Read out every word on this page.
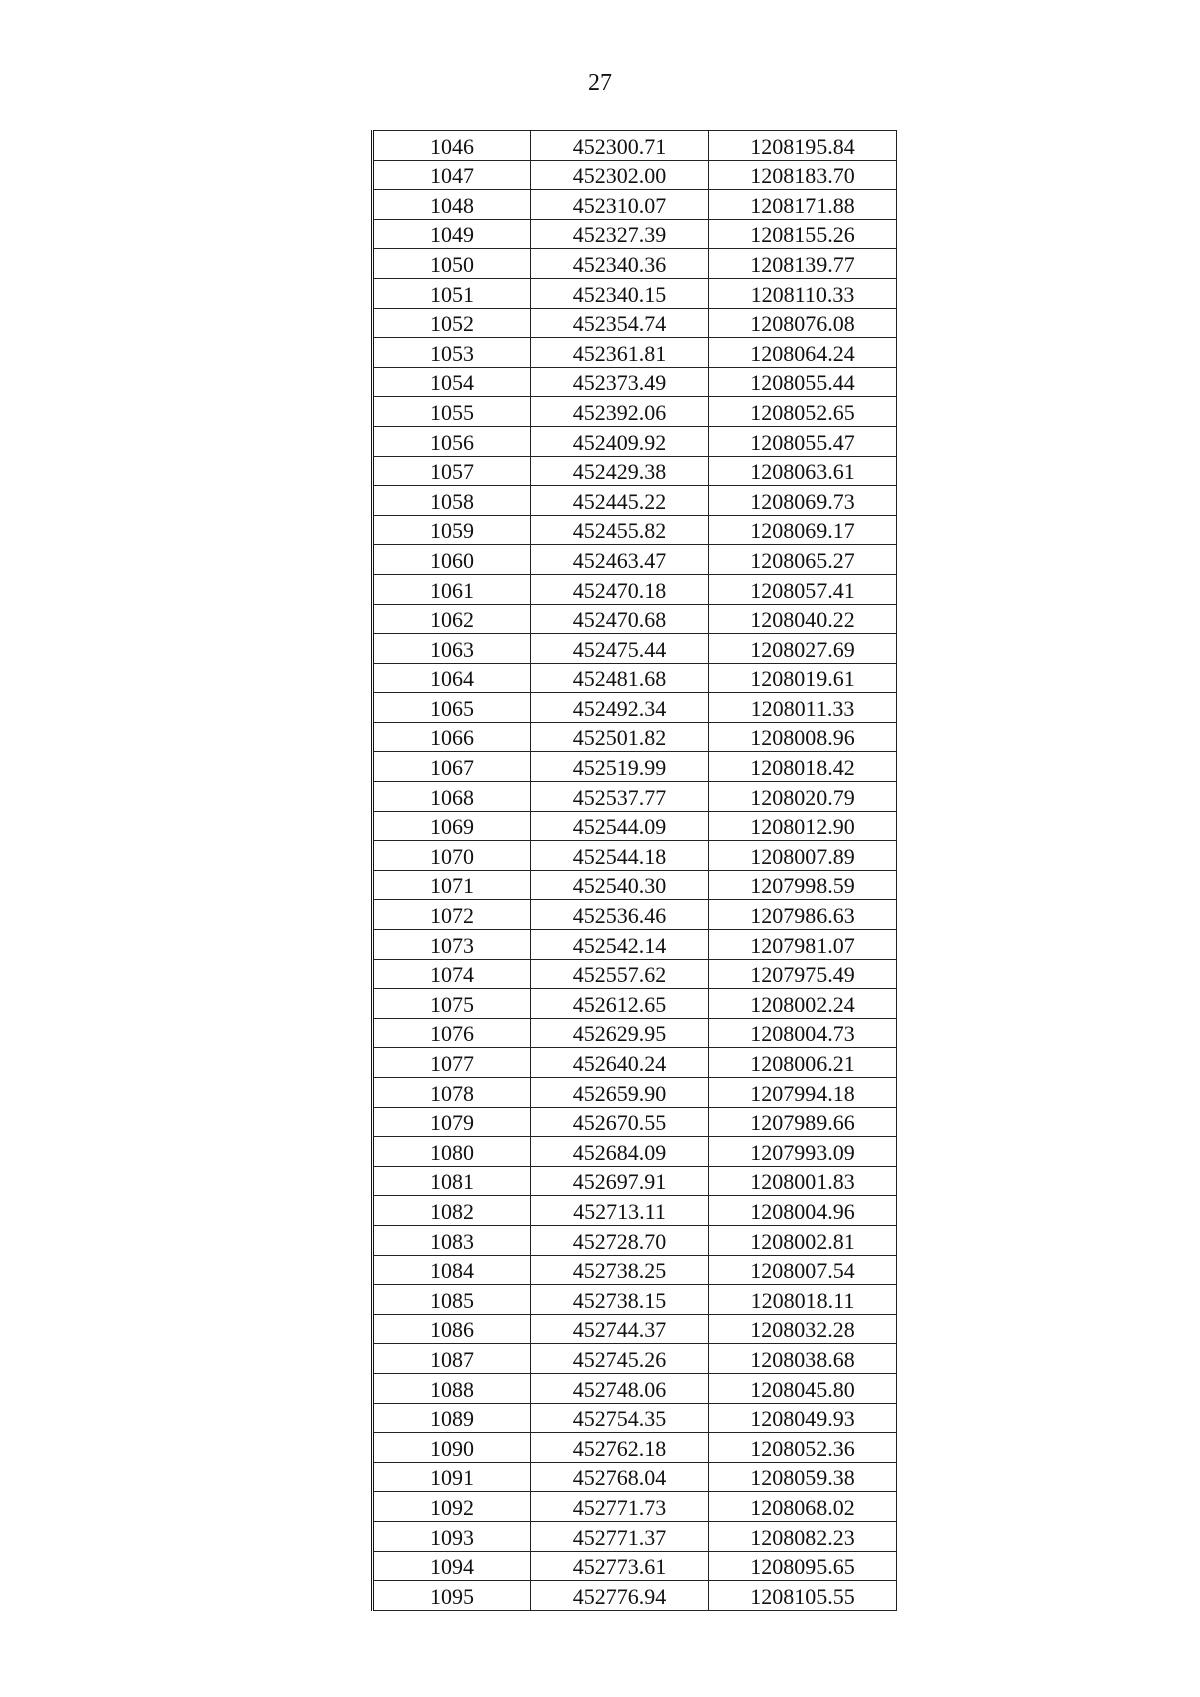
27
1046	452300.71	1208195.84
1047	452302.00	1208183.70
1048	452310.07	1208171.88
1049	452327.39	1208155.26
1050	452340.36	1208139.77
1051	452340.15	1208110.33
1052	452354.74	1208076.08
1053	452361.81	1208064.24
1054	452373.49	1208055.44
1055	452392.06	1208052.65
1056	452409.92	1208055.47
1057	452429.38	1208063.61
1058	452445.22	1208069.73
1059	452455.82	1208069.17
1060	452463.47	1208065.27
1061	452470.18	1208057.41
1062	452470.68	1208040.22
1063	452475.44	1208027.69
1064	452481.68	1208019.61
1065	452492.34	1208011.33
1066	452501.82	1208008.96
1067	452519.99	1208018.42
1068	452537.77	1208020.79
1069	452544.09	1208012.90
1070	452544.18	1208007.89
1071	452540.30	1207998.59
1072	452536.46	1207986.63
1073	452542.14	1207981.07
1074	452557.62	1207975.49
1075	452612.65	1208002.24
1076	452629.95	1208004.73
1077	452640.24	1208006.21
1078	452659.90	1207994.18
1079	452670.55	1207989.66
1080	452684.09	1207993.09
1081	452697.91	1208001.83
1082	452713.11	1208004.96
1083	452728.70	1208002.81
1084	452738.25	1208007.54
1085	452738.15	1208018.11
1086	452744.37	1208032.28
1087	452745.26	1208038.68
1088	452748.06	1208045.80
1089	452754.35	1208049.93
1090	452762.18	1208052.36
1091	452768.04	1208059.38
1092	452771.73	1208068.02
1093	452771.37	1208082.23
1094	452773.61	1208095.65
1095	452776.94	1208105.55
